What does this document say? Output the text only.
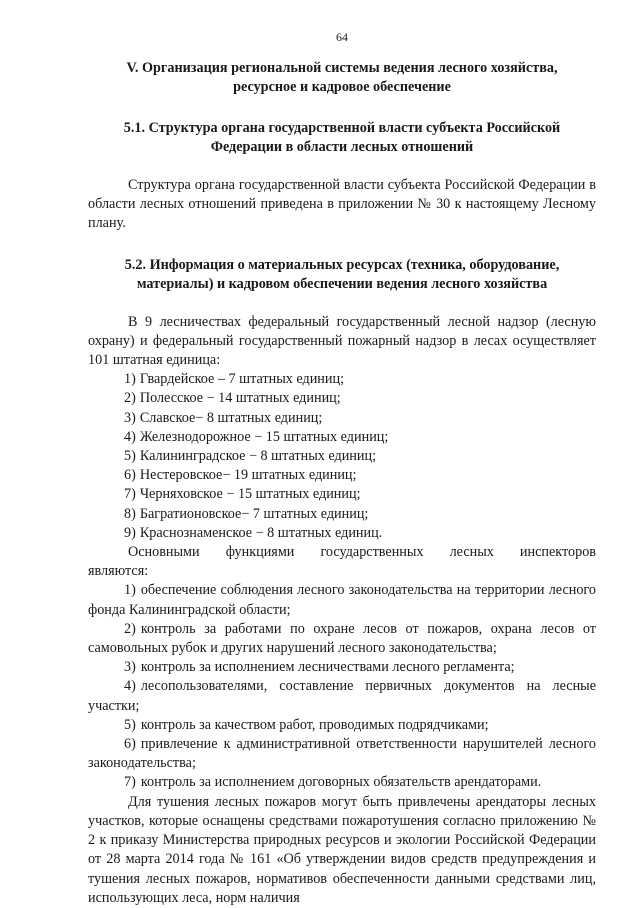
64
V. Организация региональной системы ведения лесного хозяйства,
ресурсное и кадровое обеспечение
5.1. Структура органа государственной власти субъекта Российской
Федерации в области лесных отношений

Структура органа государственной власти субъекта Российской Федерации в области лесных отношений приведена в приложении № 30 к настоящему Лесному плану.

5.2. Информация о материальных ресурсах (техника, оборудование,
материалы) и кадровом обеспечении ведения лесного хозяйства

В 9 лесничествах федеральный государственный лесной надзор (лесную охрану) и федеральный государственный пожарный надзор в лесах осуществляет 101 штатная единица:

1) Гвардейское – 7 штатных единиц;
2) Полесское − 14 штатных единиц;
3) Славское− 8 штатных единиц;
4) Железнодорожное − 15 штатных единиц;
5) Калининградское − 8 штатных единиц;
6) Нестеровское− 19 штатных единиц;
7) Черняховское − 15 штатных единиц;
8) Багратионовское− 7 штатных единиц;
9) Краснознаменское − 8 штатных единиц.

Основными функциями государственных лесных инспекторов

являются:

1) обеспечение соблюдения лесного законодательства на территории лесного фонда Калининградской области;
2) контроль за работами по охране лесов от пожаров, охрана лесов от самовольных рубок и других нарушений лесного законодательства;
3) контроль за исполнением лесничествами лесного регламента;
4) лесопользователями, составление первичных документов на лесные участки;
5) контроль за качеством работ, проводимых подрядчиками;
6) привлечение к административной ответственности нарушителей лесного законодательства;
7) контроль за исполнением договорных обязательств арендаторами.

Для тушения лесных пожаров могут быть привлечены арендаторы лесных участков, которые оснащены средствами пожаротушения согласно приложению № 2 к приказу Министерства природных ресурсов и экологии Российской Федерации от 28 марта 2014 года № 161 «Об утверждении видов средств предупреждения и тушения лесных пожаров, нормативов обеспеченности данными средствами лиц, использующих леса, норм наличия
